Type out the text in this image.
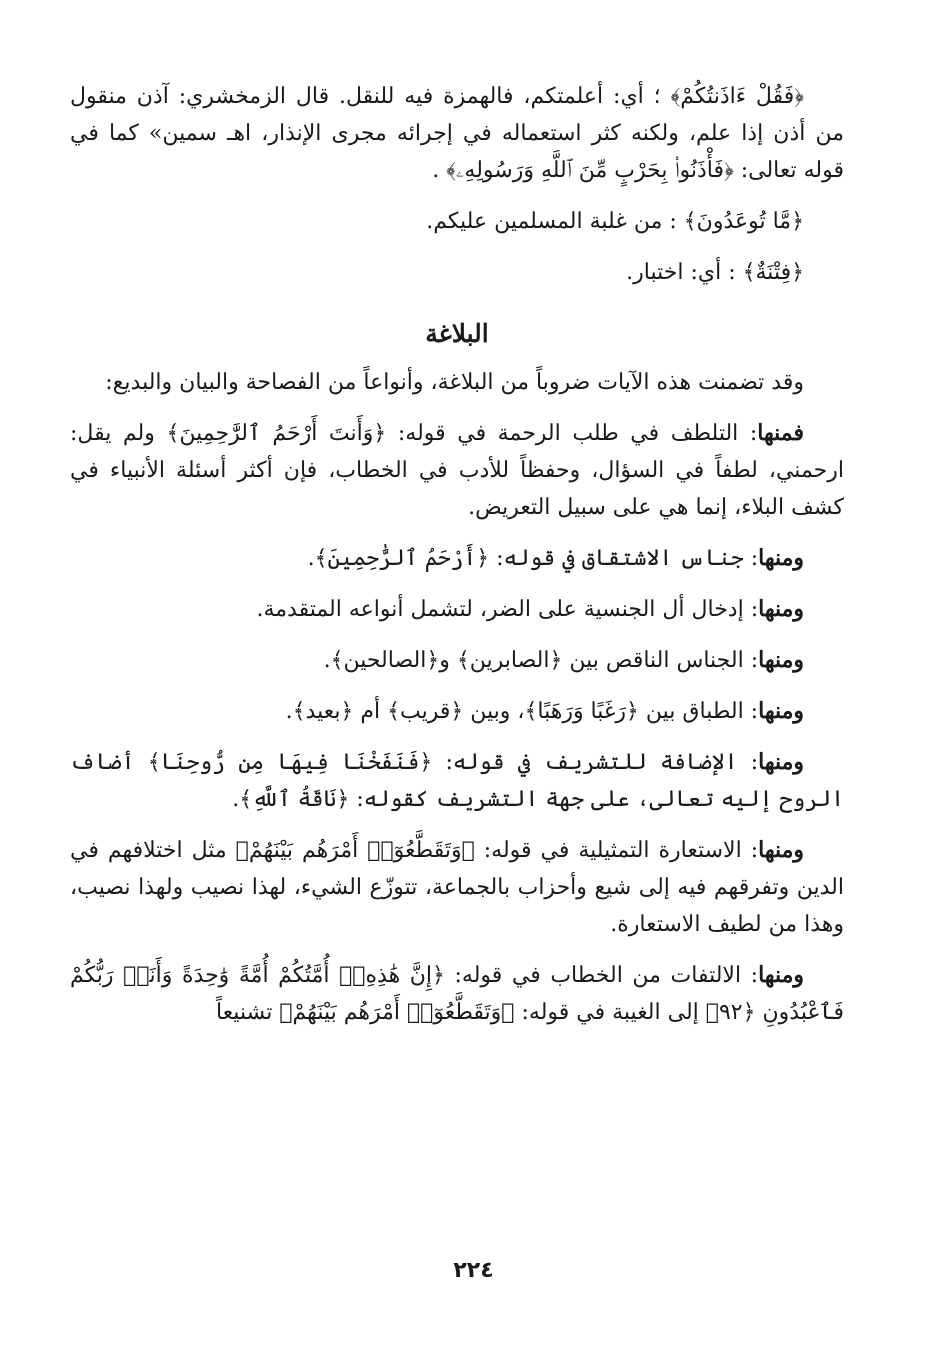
﴿فَقُلْ ءَاذَنتُكُمْ﴾ ؛ أي: أعلمتكم، فالهمزة فيه للنقل. قال الزمخشري: آذن منقول من أذن إذا علم، ولكنه كثر استعماله في إجرائه مجرى الإنذار، اهـ سمين» كما في قوله تعالى: ﴿فَأْذَنُوا۟ بِحَرْبٍ مِّنَ ٱللَّهِ وَرَسُولِهِۦ﴾ .

﴿مَّا تُوعَدُونَ﴾ : من غلبة المسلمين عليكم.

﴿فِتْنَةٌ﴾ : أي: اختبار.

البلاغة

وقد تضمنت هذه الآيات ضروباً من البلاغة، وأنواعاً من الفصاحة والبيان والبديع:

فمنها: التلطف في طلب الرحمة في قوله: ﴿وَأَنتَ أَرْحَمُ ٱلرَّٰحِمِينَ﴾ ولم يقل: ارحمني، لطفاً في السؤال، وحفظاً للأدب في الخطاب، فإن أكثر أسئلة الأنبياء في كشف البلاء، إنما هي على سبيل التعريض.

ومنها: جناس الاشتقاق في قوله: ﴿أَرْحَمُ ٱلرَّٰحِمِينَ﴾.

ومنها: إدخال أل الجنسية على الضر، لتشمل أنواعه المتقدمة.

ومنها: الجناس الناقص بين ﴿الصابرين﴾ و﴿الصالحين﴾.

ومنها: الطباق بين ﴿رَغَبًا وَرَهَبًا﴾، وبين ﴿قريب﴾ أم ﴿بعيد﴾.

ومنها: الإضافة للتشريف في قوله: ﴿فَنَفَخْنَا فِيهَا مِن رُّوحِنَا﴾ أضاف الروح إليه تعالى، على جهة التشريف كقوله: ﴿نَاقَةُ ٱللَّهِ﴾.

ومنها: الاستعارة التمثيلية في قوله: ﴿وَتَقَطَّعُوٓا۟ أَمْرَهُم بَيْنَهُمْ﴾ مثل اختلافهم في الدين وتفرقهم فيه إلى شيع وأحزاب بالجماعة، تتوزّع الشيء، لهذا نصيب ولهذا نصيب، وهذا من لطيف الاستعارة.

ومنها: الالتفات من الخطاب في قوله: ﴿إِنَّ هَٰذِهِۦٓ أُمَّتُكُمْ أُمَّةً وَٰحِدَةً وَأَنَا۠ رَبُّكُمْ فَٱعْبُدُونِ ﴿٩٢﴾ إلى الغيبة في قوله: ﴿وَتَقَطَّعُوٓا۟ أَمْرَهُم بَيْنَهُمْ﴾ تشنيعاً

٢٢٤
